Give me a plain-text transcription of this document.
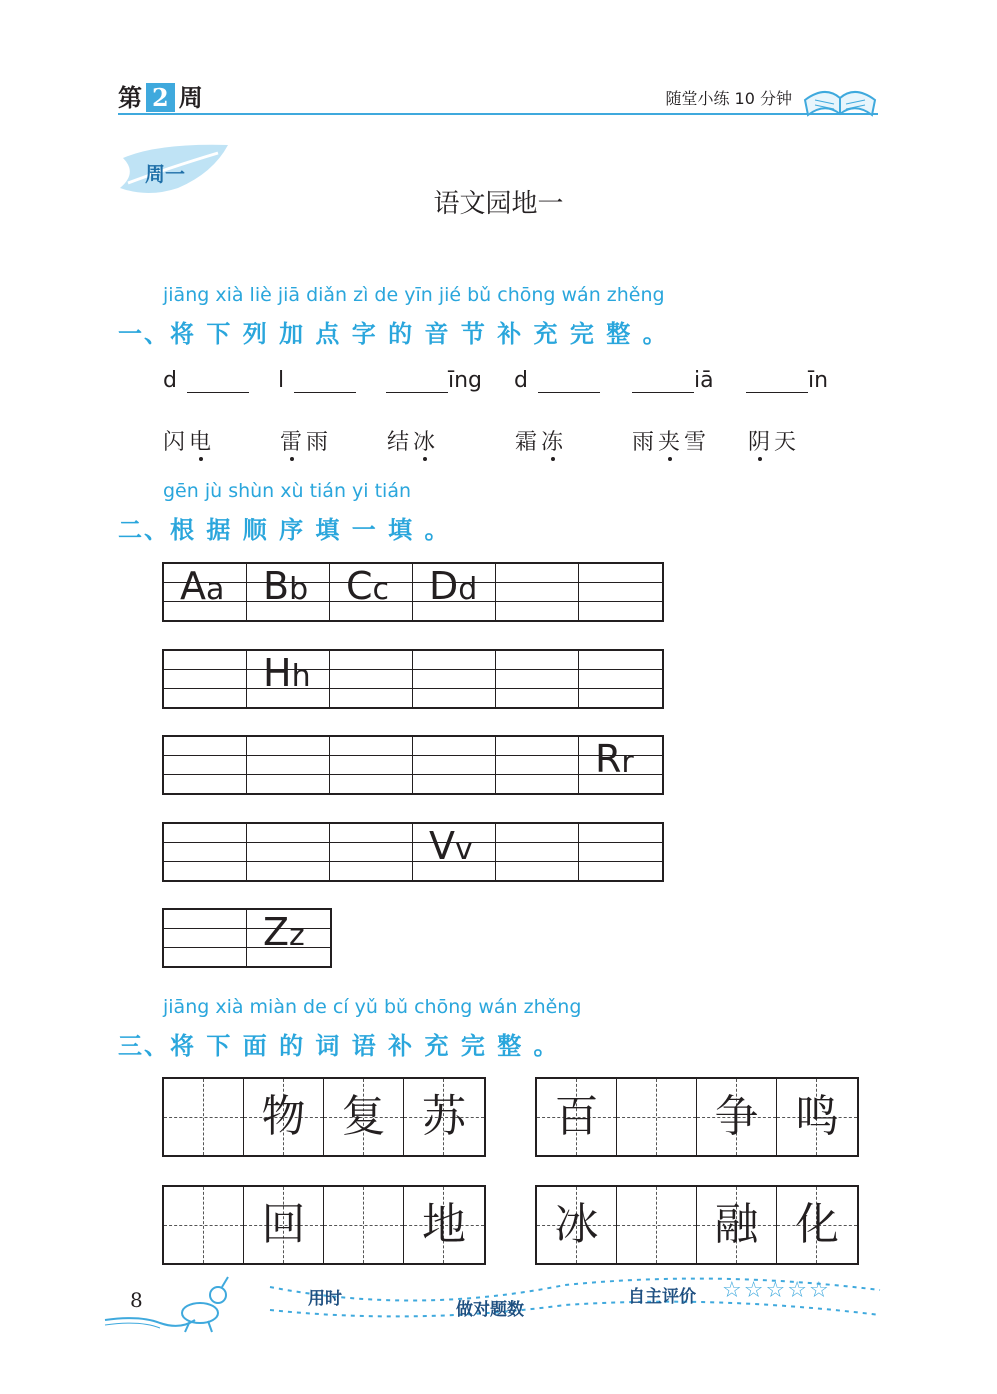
第 2 周	随堂小练 10 分钟
周一
语文园地一
jiāng xià liè jiā diǎn zì de yīn jié bǔ chōng wán zhěng
一、将 下 列 加 点 字 的 音 节 补 充 完 整 。
d	l	īng d	iā	īn
闪电	雷雨 结冰	霜冻	雨夹雪 阴天
gēn jù shùn xù tián yi tián
二、根 据 顺 序 填 一 填 。
Aa Bb Cc Dd
Hh
Rr
Vv
Zz
jiāng xià miàn de cí yǔ bǔ chōng wán zhěng
三、将 下 面 的 词 语 补 充 完 整 。
物 复 苏	百	争 鸣
回	地	冰	融 化
8	用时
做对题数
自主评价 ☆☆☆☆☆
